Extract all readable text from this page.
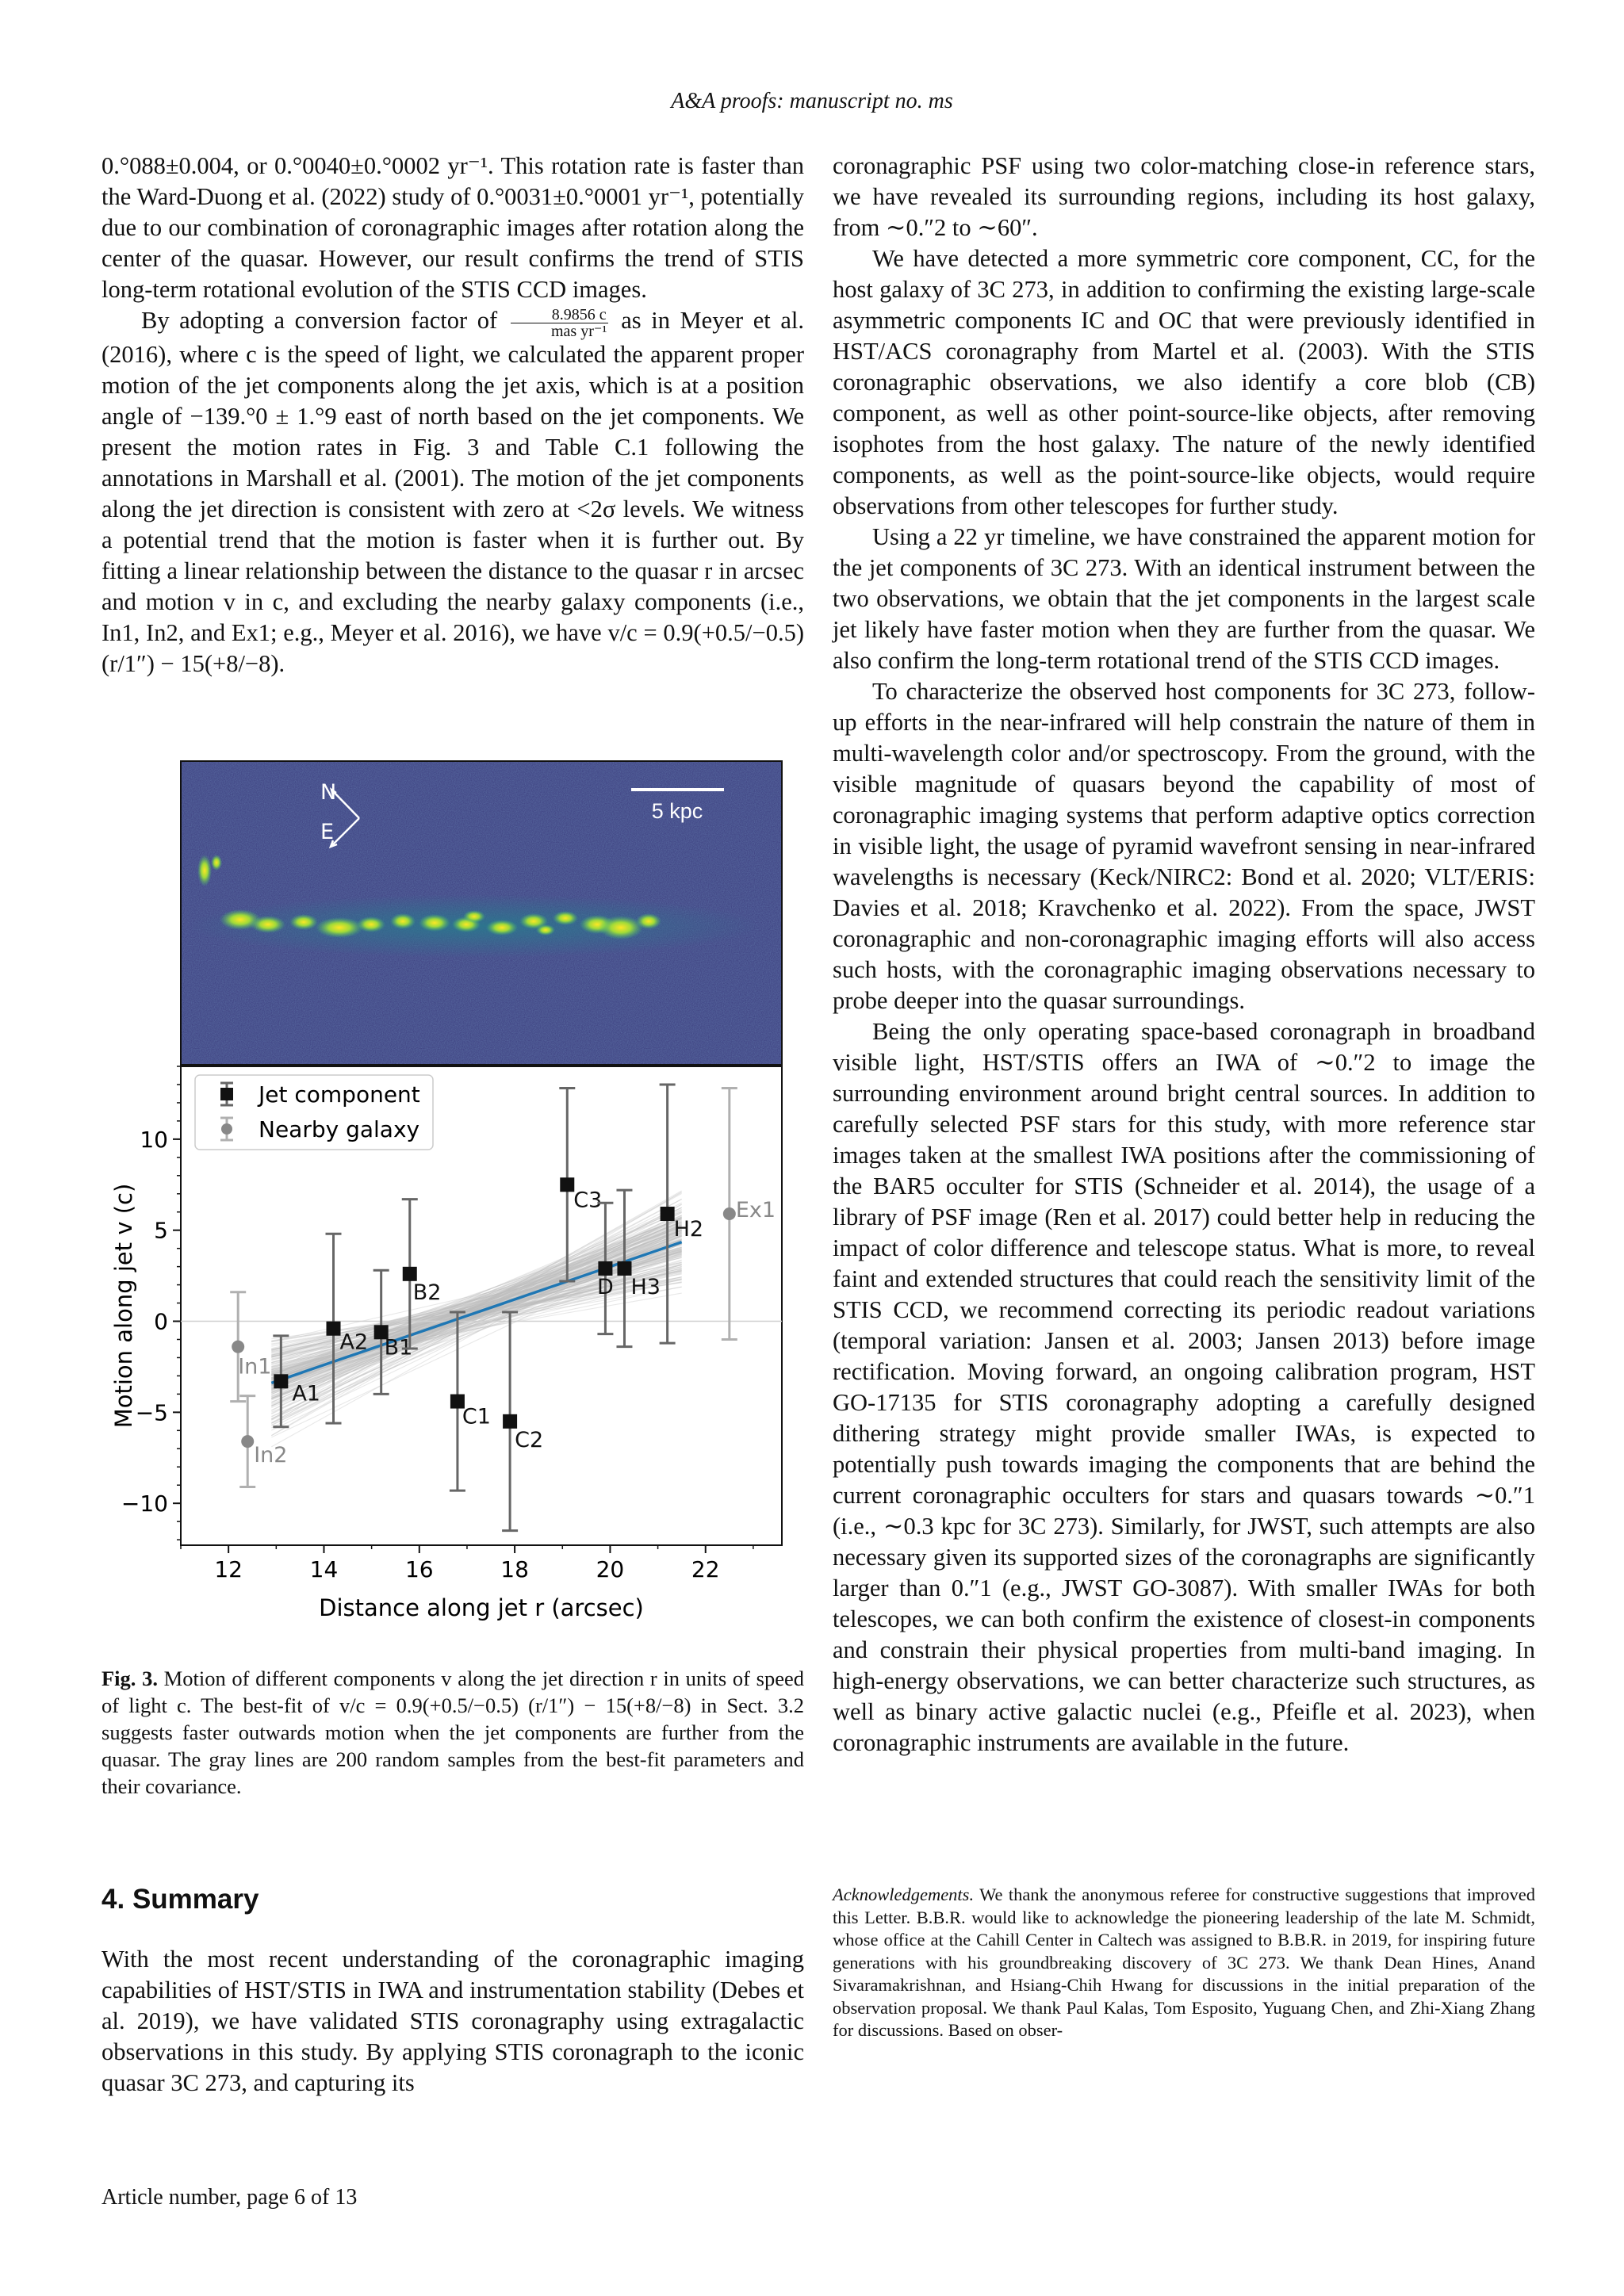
A&A proofs: manuscript no. ms

0.°088±0.004, or 0.°0040±0.°0002 yr⁻¹. This rotation rate is faster than the Ward-Duong et al. (2022) study of 0.°0031±0.°0001 yr⁻¹, potentially due to our combination of coronagraphic images after rotation along the center of the quasar. However, our result confirms the trend of STIS long-term rotational evolution of the STIS CCD images.

By adopting a conversion factor of $\frac{8.9856 c}{\text{mas yr⁻¹}}$ as in Meyer et al. (2016), where c is the speed of light, we calculated the apparent proper motion of the jet components along the jet axis, which is at a position angle of −139.°0 ± 1.°9 east of north based on the jet components. We present the motion rates in Fig. 3 and Table C.1 following the annotations in Marshall et al. (2001). The motion of the jet components along the jet direction is consistent with zero at <2σ levels. We witness a potential trend that the motion is faster when it is further out. By fitting a linear relationship between the distance to the quasar r in arcsec and motion v in c, and excluding the nearby galaxy components (i.e., In1, In2, and Ex1; e.g., Meyer et al. 2016), we have v/c = 0.9(+0.5/−0.5) (r/1″) − 15(+8/−8).

5 kpc
N
E
A1
A2 B1
B2
C1
C2
C3
D H3
H2
In1
In2
Ex1
12	14	16	18	20	22
−10
−5
0
5
10
Jet component
Nearby galaxy
Distance along jet r (arcsec)
Motion along jet v (c)
Fig. 3. Motion of different components v along the jet direction r in units of speed of light c. The best-fit of v/c = 0.9(+0.5/−0.5) (r/1″) − 15(+8/−8) in Sect. 3.2 suggests faster outwards motion when the jet components are further from the quasar. The gray lines are 200 random samples from the best-fit parameters and their covariance.
4. Summary
With the most recent understanding of the coronagraphic imaging capabilities of HST/STIS in IWA and instrumentation stability (Debes et al. 2019), we have validated STIS coronagraphy using extragalactic observations in this study. By applying STIS coronagraph to the iconic quasar 3C 273, and capturing its

coronagraphic PSF using two color-matching close-in reference stars, we have revealed its surrounding regions, including its host galaxy, from ∼0.″2 to ∼60″.

We have detected a more symmetric core component, CC, for the host galaxy of 3C 273, in addition to confirming the existing large-scale asymmetric components IC and OC that were previously identified in HST/ACS coronagraphy from Martel et al. (2003). With the STIS coronagraphic observations, we also identify a core blob (CB) component, as well as other point-source-like objects, after removing isophotes from the host galaxy. The nature of the newly identified components, as well as the point-source-like objects, would require observations from other telescopes for further study.

Using a 22 yr timeline, we have constrained the apparent motion for the jet components of 3C 273. With an identical instrument between the two observations, we obtain that the jet components in the largest scale jet likely have faster motion when they are further from the quasar. We also confirm the long-term rotational trend of the STIS CCD images.

To characterize the observed host components for 3C 273, follow-up efforts in the near-infrared will help constrain the nature of them in multi-wavelength color and/or spectroscopy. From the ground, with the visible magnitude of quasars beyond the capability of most of coronagraphic imaging systems that perform adaptive optics correction in visible light, the usage of pyramid wavefront sensing in near-infrared wavelengths is necessary (Keck/NIRC2: Bond et al. 2020; VLT/ERIS: Davies et al. 2018; Kravchenko et al. 2022). From the space, JWST coronagraphic and non-coronagraphic imaging efforts will also access such hosts, with the coronagraphic imaging observations necessary to probe deeper into the quasar surroundings.

Being the only operating space-based coronagraph in broadband visible light, HST/STIS offers an IWA of ∼0.″2 to image the surrounding environment around bright central sources. In addition to carefully selected PSF stars for this study, with more reference star images taken at the smallest IWA positions after the commissioning of the BAR5 occulter for STIS (Schneider et al. 2014), the usage of a library of PSF image (Ren et al. 2017) could better help in reducing the impact of color difference and telescope status. What is more, to reveal faint and extended structures that could reach the sensitivity limit of the STIS CCD, we recommend correcting its periodic readout variations (temporal variation: Jansen et al. 2003; Jansen 2013) before image rectification. Moving forward, an ongoing calibration program, HST GO-17135 for STIS coronagraphy adopting a carefully designed dithering strategy might provide smaller IWAs, is expected to potentially push towards imaging the components that are behind the current coronagraphic occulters for stars and quasars towards ∼0.″1 (i.e., ∼0.3 kpc for 3C 273). Similarly, for JWST, such attempts are also necessary given its supported sizes of the coronagraphs are significantly larger than 0.″1 (e.g., JWST GO-3087). With smaller IWAs for both telescopes, we can both confirm the existence of closest-in components and constrain their physical properties from multi-band imaging. In high-energy observations, we can better characterize such structures, as well as binary active galactic nuclei (e.g., Pfeifle et al. 2023), when coronagraphic instruments are available in the future.

Acknowledgements. We thank the anonymous referee for constructive suggestions that improved this Letter. B.B.R. would like to acknowledge the pioneering leadership of the late M. Schmidt, whose office at the Cahill Center in Caltech was assigned to B.B.R. in 2019, for inspiring future generations with his groundbreaking discovery of 3C 273. We thank Dean Hines, Anand Sivaramakrishnan, and Hsiang-Chih Hwang for discussions in the initial preparation of the observation proposal. We thank Paul Kalas, Tom Esposito, Yuguang Chen, and Zhi-Xiang Zhang for discussions. Based on obser-
Article number, page 6 of 13
